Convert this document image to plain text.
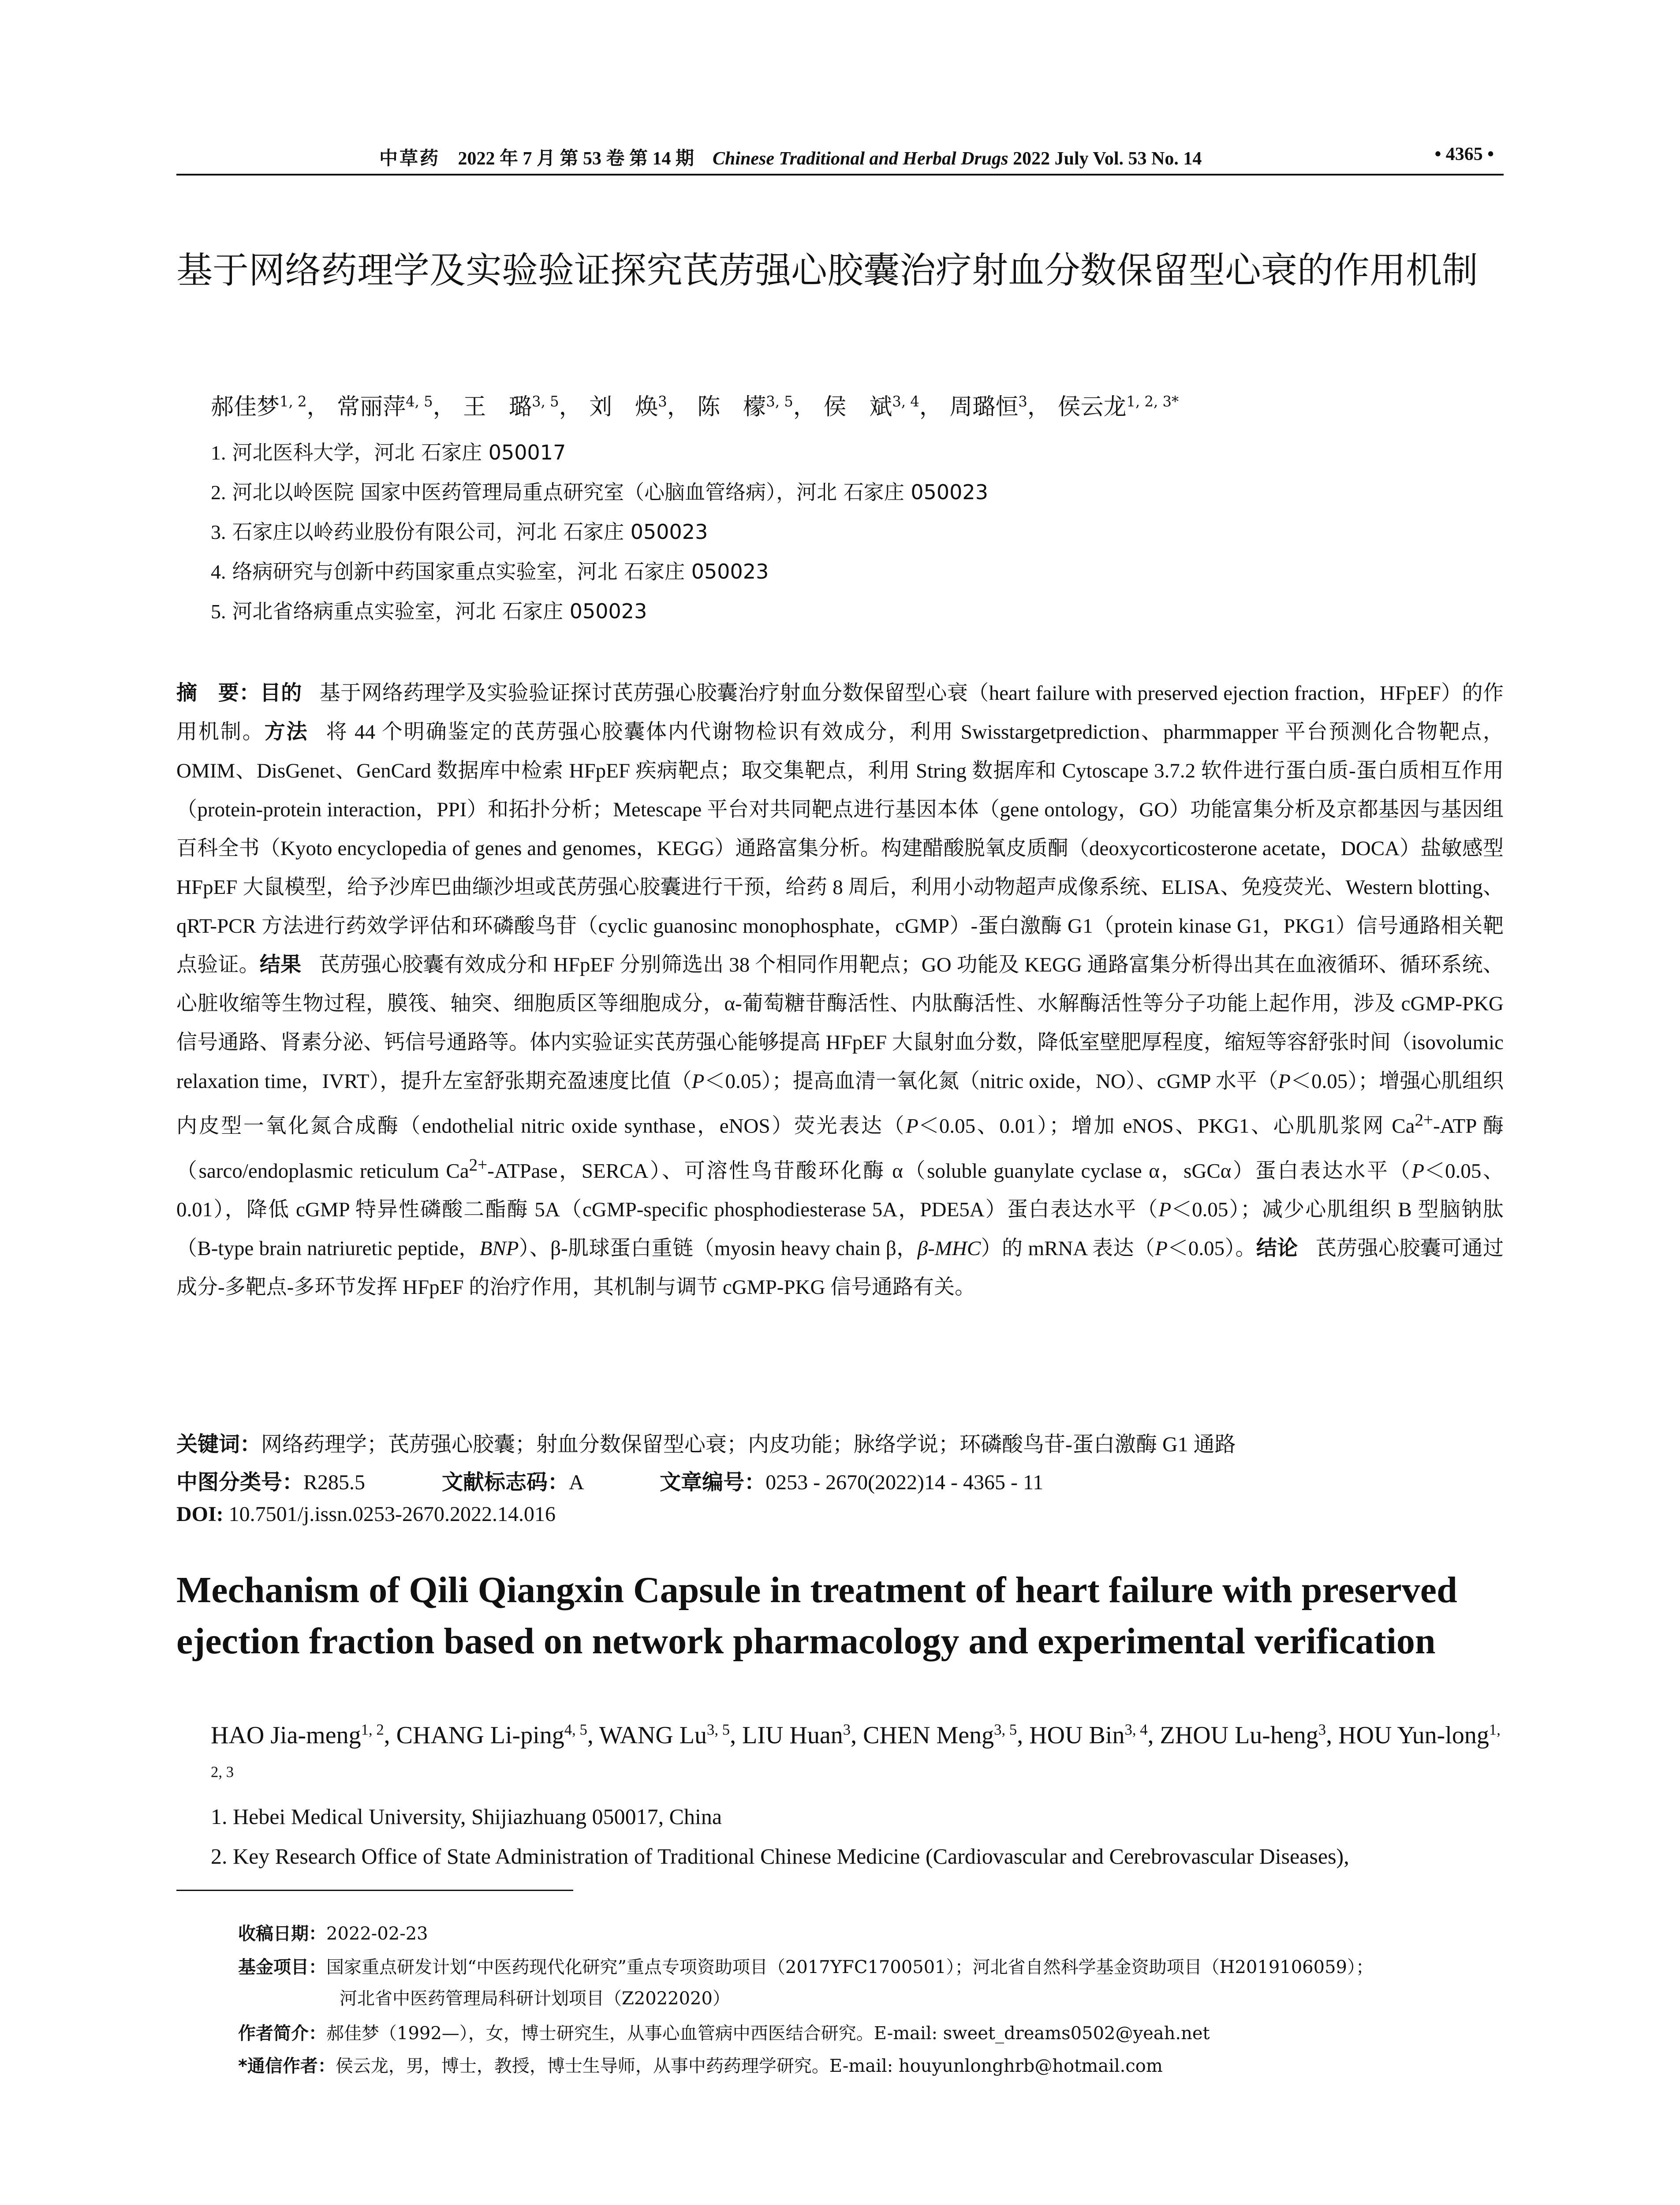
中草药 2022 年 7 月 第 53 卷 第 14 期 Chinese Traditional and Herbal Drugs 2022 July Vol. 53 No. 14	• 4365 •
基于网络药理学及实验验证探究芪苈强心胶囊治疗射血分数保留型心衰的作用机制
郝佳梦$^{1, 2}$， 常丽萍$^{4, 5}$， 王　璐$^{3, 5}$， 刘　焕$^3$， 陈　檬$^{3, 5}$， 侯　斌$^{3, 4}$， 周璐恒$^3$， 侯云龙$^{1, 2, 3*}$
1. 河北医科大学，河北 石家庄 050017
2. 河北以岭医院 国家中医药管理局重点研究室（心脑血管络病），河北 石家庄 050023
3. 石家庄以岭药业股份有限公司，河北 石家庄 050023
4. 络病研究与创新中药国家重点实验室，河北 石家庄 050023
5. 河北省络病重点实验室，河北 石家庄 050023
摘　要：目的 基于网络药理学及实验验证探讨芪苈强心胶囊治疗射血分数保留型心衰（heart failure with preserved ejection fraction，HFpEF）的作用机制。方法 将 44 个明确鉴定的芪苈强心胶囊体内代谢物检识有效成分，利用 Swisstargetprediction、pharmmapper 平台预测化合物靶点，OMIM、DisGenet、GenCard 数据库中检索 HFpEF 疾病靶点；取交集靶点，利用 String 数据库和 Cytoscape 3.7.2 软件进行蛋白质-蛋白质相互作用（protein-protein interaction，PPI）和拓扑分析；Metescape 平台对共同靶点进行基因本体（gene ontology，GO）功能富集分析及京都基因与基因组百科全书（Kyoto encyclopedia of genes and genomes，KEGG）通路富集分析。构建醋酸脱氧皮质酮（deoxycorticosterone acetate，DOCA）盐敏感型 HFpEF 大鼠模型，给予沙库巴曲缬沙坦或芪苈强心胶囊进行干预，给药 8 周后，利用小动物超声成像系统、ELISA、免疫荧光、Western blotting、qRT-PCR 方法进行药效学评估和环磷酸鸟苷（cyclic guanosinc monophosphate，cGMP）-蛋白激酶 G1（protein kinase G1，PKG1）信号通路相关靶点验证。结果 芪苈强心胶囊有效成分和 HFpEF 分别筛选出 38 个相同作用靶点；GO 功能及 KEGG 通路富集分析得出其在血液循环、循环系统、心脏收缩等生物过程，膜筏、轴突、细胞质区等细胞成分，α-葡萄糖苷酶活性、内肽酶活性、水解酶活性等分子功能上起作用，涉及 cGMP-PKG 信号通路、肾素分泌、钙信号通路等。体内实验证实芪苈强心能够提高 HFpEF 大鼠射血分数，降低室壁肥厚程度，缩短等容舒张时间（isovolumic relaxation time，IVRT），提升左室舒张期充盈速度比值（P＜0.05）；提高血清一氧化氮（nitric oxide，NO）、cGMP 水平（P＜0.05）；增强心肌组织内皮型一氧化氮合成酶（endothelial nitric oxide synthase，eNOS）荧光表达（P＜0.05、0.01）；增加 eNOS、PKG1、心肌肌浆网 $Ca^{2+}$-ATP 酶（sarco/endoplasmic reticulum $Ca^{2+}$-ATPase，SERCA）、可溶性鸟苷酸环化酶 α（soluble guanylate cyclase α，sGCα）蛋白表达水平（P＜0.05、0.01），降低 cGMP 特异性磷酸二酯酶 5A（cGMP-specific phosphodiesterase 5A，PDE5A）蛋白表达水平（P＜0.05）；减少心肌组织 B 型脑钠肽（B-type brain natriuretic peptide，BNP）、β-肌球蛋白重链（myosin heavy chain β，β-MHC）的 mRNA 表达（P＜0.05）。结论 芪苈强心胶囊可通过成分-多靶点-多环节发挥 HFpEF 的治疗作用，其机制与调节 cGMP-PKG 信号通路有关。
关键词：网络药理学；芪苈强心胶囊；射血分数保留型心衰；内皮功能；脉络学说；环磷酸鸟苷-蛋白激酶 G1 通路
中图分类号：R285.5	文献标志码：A	文章编号：0253 - 2670(2022)14 - 4365 - 11
DOI: 10.7501/j.issn.0253-2670.2022.14.016
Mechanism of Qili Qiangxin Capsule in treatment of heart failure with preserved ejection fraction based on network pharmacology and experimental verification
HAO Jia-meng$^{1, 2}$, CHANG Li-ping$^{4, 5}$, WANG Lu$^{3, 5}$, LIU Huan$^3$, CHEN Meng$^{3, 5}$, HOU Bin$^{3, 4}$, ZHOU Lu-heng$^3$, HOU Yun-long$^{1, 2, 3}$
1. Hebei Medical University, Shijiazhuang 050017, China
2. Key Research Office of State Administration of Traditional Chinese Medicine (Cardiovascular and Cerebrovascular Diseases),
收稿日期：2022-02-23
基金项目：国家重点研发计划“中医药现代化研究”重点专项资助项目（2017YFC1700501）；河北省自然科学基金资助项目（H2019106059）；
河北省中医药管理局科研计划项目（Z2022020）
作者简介：郝佳梦（1992—），女，博士研究生，从事心血管病中西医结合研究。E-mail: sweet_dreams0502@yeah.net
*通信作者：侯云龙，男，博士，教授，博士生导师，从事中药药理学研究。E-mail: houyunlonghrb@hotmail.com
